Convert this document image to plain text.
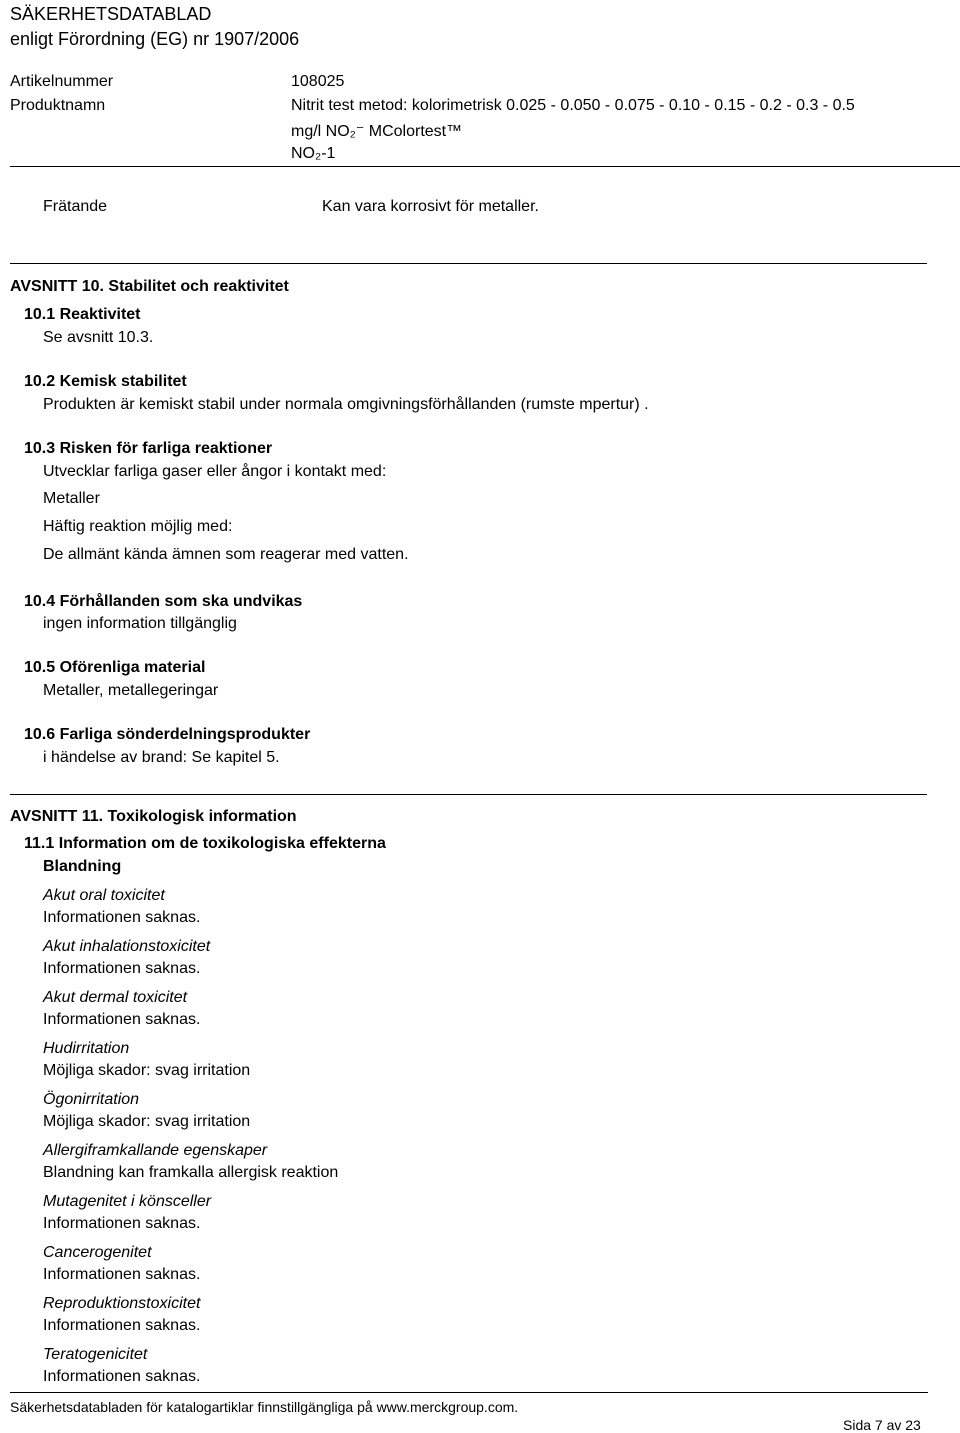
SÄKERHETSDATABLAD
enligt Förordning (EG) nr 1907/2006
Artikelnummer	108025
Produktnamn	Nitrit test metod: kolorimetrisk 0.025 - 0.050 - 0.075 - 0.10 - 0.15 - 0.2 - 0.3 - 0.5
mg/l NO₂⁻ MColortest™
NO₂-1
Frätande	Kan vara korrosivt för metaller.
AVSNITT 10. Stabilitet och reaktivitet
10.1 Reaktivitet
Se avsnitt 10.3.
10.2 Kemisk stabilitet
Produkten är kemiskt stabil under normala omgivningsförhållanden (rumste mpertur) .
10.3 Risken för farliga reaktioner
Utvecklar farliga gaser eller ångor i kontakt med:
Metaller
Häftig reaktion möjlig med:
De allmänt kända ämnen som reagerar med vatten.
10.4 Förhållanden som ska undvikas
ingen information tillgänglig
10.5 Oförenliga material
Metaller, metallegeringar
10.6 Farliga sönderdelningsprodukter
i händelse av brand: Se kapitel 5.
AVSNITT 11. Toxikologisk information
11.1 Information om de toxikologiska effekterna
Blandning
Akut oral toxicitet
Informationen saknas.
Akut inhalationstoxicitet
Informationen saknas.
Akut dermal toxicitet
Informationen saknas.
Hudirritation
Möjliga skador: svag irritation
Ögonirritation
Möjliga skador: svag irritation
Allergiframkallande egenskaper
Blandning kan framkalla allergisk reaktion
Mutagenitet i könsceller
Informationen saknas.
Cancerogenitet
Informationen saknas.
Reproduktionstoxicitet
Informationen saknas.
Teratogenicitet
Informationen saknas.
Säkerhetsdatabladen för katalogartiklar finnstillgängliga på www.merckgroup.com.
Sida 7 av 23
